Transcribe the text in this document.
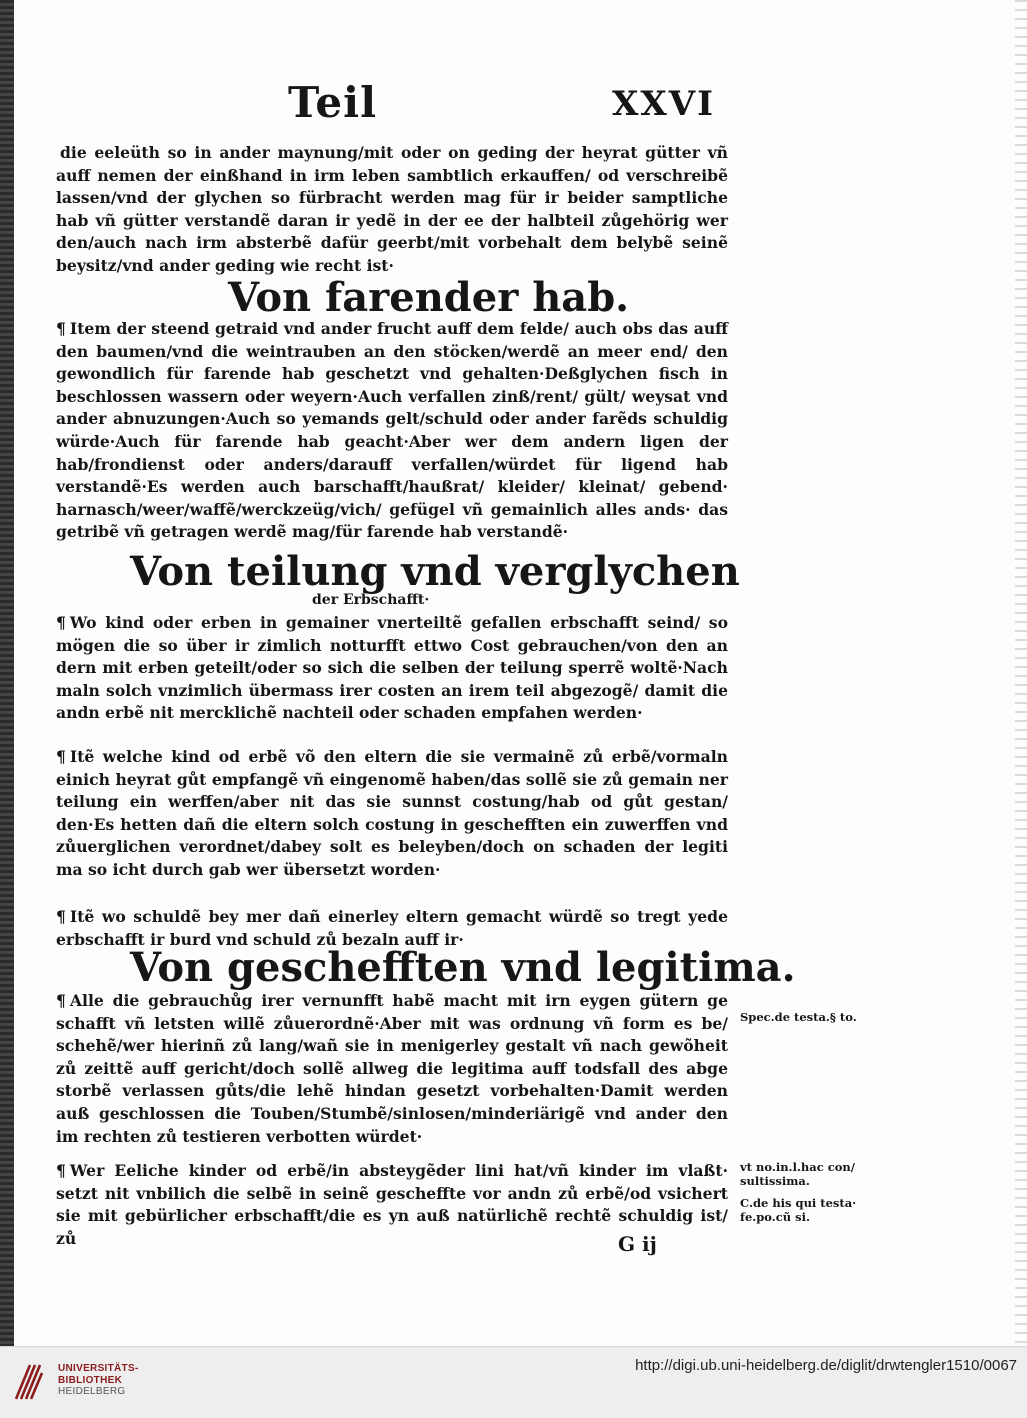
Teil	XXVI
die eeleüth so in ander maynung/mit oder on geding der heyrat gütter vñ auff nemen der einßhand in irm leben sambtlich erkauffen/ od verschreibẽ lassen/vnd der glychen so fürbracht werden mag für ir beider samptliche hab vñ gütter verstandẽ daran ir yedẽ in der ee der halbteil zůgehörig wer den/auch nach irm absterbẽ dafür geerbt/mit vorbehalt dem belybẽ seinẽ beysitz/vnd ander geding wie recht ist·
Von farender hab.
¶ Item der steend getraid vnd ander frucht auff dem felde/ auch obs das auff den baumen/vnd die weintrauben an den stöcken/werdẽ an meer end/ den gewondlich für farende hab geschetzt vnd gehalten·Deßglychen fisch in beschlossen wassern oder weyern·Auch verfallen zinß/rent/ gült/ weysat vnd ander abnuzungen·Auch so yemands gelt/schuld oder ander farẽds schuldig würde·Auch für farende hab geacht·Aber wer dem andern ligen der hab/frondienst oder anders/darauff verfallen/würdet für ligend hab verstandẽ·Es werden auch barschafft/haußrat/ kleider/ kleinat/ gebend· harnasch/weer/waffẽ/werckzeüg/vich/ gefügel vñ gemainlich alles ands· das getribẽ vñ getragen werdẽ mag/für farende hab verstandẽ·
Von teilung vnd verglychen
der Erbschafft·
¶ Wo kind oder erben in gemainer vnerteiltẽ gefallen erbschafft seind/ so mögen die so über ir zimlich notturfft ettwo Cost gebrauchen/von den an dern mit erben geteilt/oder so sich die selben der teilung sperrẽ woltẽ·Nach maln solch vnzimlich übermass irer costen an irem teil abgezogẽ/ damit die andn erbẽ nit mercklichẽ nachteil oder schaden empfahen werden·
¶ Itẽ welche kind od erbẽ võ den eltern die sie vermainẽ zů erbẽ/vormaln einich heyrat gůt empfangẽ vñ eingenomẽ haben/das sollẽ sie zů gemain ner teilung ein werffen/aber nit das sie sunnst costung/hab od gůt gestan/ den·Es hetten dañ die eltern solch costung in geschefften ein zuwerffen vnd zůuerglichen verordnet/dabey solt es beleyben/doch on schaden der legiti ma so icht durch gab wer übersetzt worden·
¶ Itẽ wo schuldẽ bey mer dañ einerley eltern gemacht würdẽ so tregt yede erbschafft ir burd vnd schuld zů bezaln auff ir·
Von geschefften vnd legitima.
¶ Alle die gebrauchůg irer vernunfft habẽ macht mit irn eygen gütern ge schafft vñ letsten willẽ zůuerordnẽ·Aber mit was ordnung vñ form es be/ schehẽ/wer hierinñ zů lang/wañ sie in menigerley gestalt vñ nach gewõheit zů zeittẽ auff gericht/doch sollẽ allweg die legitima auff todsfall des abge storbẽ verlassen gůts/die lehẽ hindan gesetzt vorbehalten·Damit werden auß geschlossen die Touben/Stumbẽ/sinlosen/minderiärigẽ vnd ander den im rechten zů testieren verbotten würdet·
¶ Wer Eeliche kinder od erbẽ/in absteygẽder lini hat/vñ kinder im vlaßt· setzt nit vnbilich die selbẽ in seinẽ gescheffte vor andn zů erbẽ/od vsichert sie mit gebürlicher erbschafft/die es yn auß natürlichẽ rechtẽ schuldig ist/ zů
Spec.de testa.§ to.
vt no.in.l.hac con/ sultissima.
C.de his qui testa· fe.po.cũ si.
G ij
UNIVERSITÄTS-
BIBLIOTHEK
HEIDELBERG
http://digi.ub.uni-heidelberg.de/diglit/drwtengler1510/0067
